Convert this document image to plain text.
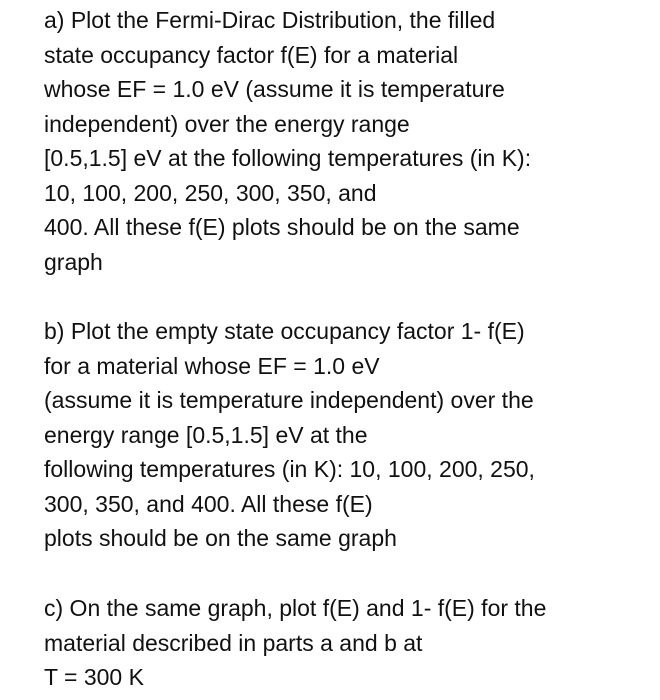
a) Plot the Fermi-Dirac Distribution, the filled
state occupancy factor f(E) for a material
whose EF = 1.0 eV (assume it is temperature
independent) over the energy range
[0.5,1.5] eV at the following temperatures (in K):
10, 100, 200, 250, 300, 350, and
400. All these f(E) plots should be on the same
graph
b) Plot the empty state occupancy factor 1- f(E)
for a material whose EF = 1.0 eV
(assume it is temperature independent) over the
energy range [0.5,1.5] eV at the
following temperatures (in K): 10, 100, 200, 250,
300, 350, and 400. All these f(E)
plots should be on the same graph
c) On the same graph, plot f(E) and 1- f(E) for the
material described in parts a and b at
T = 300 K
